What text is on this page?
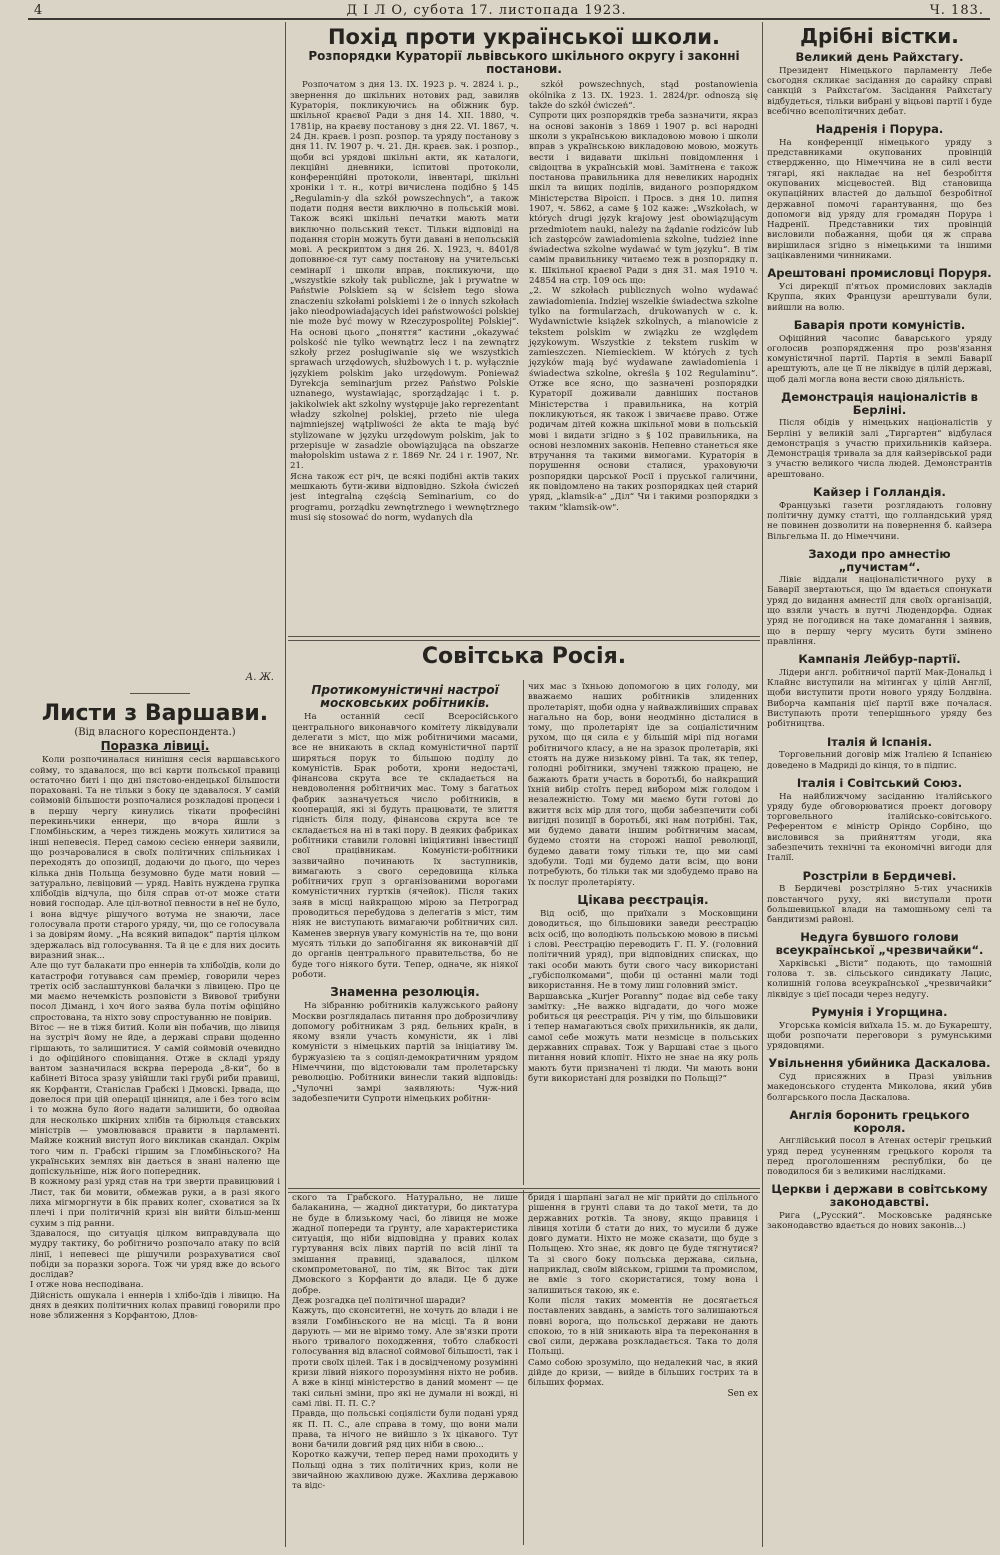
4	Д І Л О, субота 17. листопада 1923.	Ч. 183.
А. Ж.
Листи з Варшави.
(Від власного кореспондента.)
Поразка лівиці.

Коли розпочиналася нинішня сесія варшавського сойму, то здавалося, що всі карти польської правиці остаточно биті і що дні пястово-ендецької більшости пораховані. Та не тільки з боку це здавалося. У самій соймовій більшости розпочалися розкладові процеси і в першу чергу кинулись тікати професійні перекиньчики еннери, що вчора йшли з Гломбіньским, а через тиждень можуть хилитися за інші непевесія. Перед самою сесією еннери заявили, що розчаровалися в своїх політичних спільниках і переходять до опозиції, додаючи до цього, що через кілька днів Польща безумовно буде мати новий — затурально, лєвіцовий — уряд. Навіть нуждена групка хлібоїдів відчула, що біля справ от-от може стати новий господар. Але ціл-вотної певности в неї не було, і вона відчує рішучого вотума не знаючи, ласе голосувала проти старого уряду, чи, що се голосувала і за довірям йому. „На всякий випадок“ партія цілком здержалась від голосування. Та й це є для них досить виразний знак...
Але що тут балакати про еннерів та хлібоїдів, коли до катастрофи готувався сам премієр, говорили через третіх осіб заслаштункові балачки з лівицею. Про це ми маємо нечемкість розповісти з Вивової трибуни посол Діманд, і хоч його заява була потім офіційно спростована, та ніхто зову спростуванню не повірив.
Вітос — не в тіжя битий. Коли він побачив, що лівиця на зустріч йому не йде, а державі справи щоденно гіршають, то залишитися. У самій соймовій очевидно і до офіційного сповіщання. Отже в складі уряду вантом зазначилася вскрва перерода „8-ки“, бо в кабінеті Вітоса зразу увійшли такі грубі риби правиці, як Корфанти, Станіслав Грабскі і Дмовскі. Ірвада, що довелося при цій операції цінниця, але і без того всім і то можна було його надати залишити, бо одвойаа для несколько шкірних хлібів та бірюльця ставських міністрів — умовлювався правити в парламенті. Майже кожний виступ його викликав скандал. Окрім того чим п. Грабскі гіршим за Гломбіньского? На українських землях він дається в знані наленю ще допіскульніше, ніж його попередник.
В кожному разі уряд став на три зверти правицювий і Лист, так би мовити, обмежав руки, а в разі якого лиха мігморгнути в бік правих колег, сховатися за їх плечі і при політичній кризі він вийти більш-менш сухим з під ранни.
Здавалося, що ситуація цілком виправдувала що мудру тактику, бо робітничо розпочало атаку по всій лінії, і непевесі ще рішучили розрахуватися свої побіди за поразки зорога. Тож чи уряд вже до всього дослідав?
І отже нова несподівана.
Дійсність ошукала і еннерів і хлібо-їдів і лівицю. На днях в деяких політичних колах правиці говорили про нове зближення з Корфантою, Длов-

Похід проти української школи.
Розпорядки Кураторії львівського шкільного округу і законні постанови.

Розпочатом з дня 13. IX. 1923 р. ч. 2824 і. р., звернення до шкільних нотових рад, завиляв Кураторія, покликуючись на обіжник бур. шкільної краєвої Ради з дня 14. XII. 1880, ч. 1781ір, на краєву постанову з дня 22. VI. 1867, ч. 24 Дн. краєв. і розп. розпор. та уряду постанову з дня 11. IV. 1907 р. ч. 21. Дн. краєв. зак. і розпор., щоби всі урядові шкільні акти, як каталоги, лекційні дневники, іспитові протоколи, конференційні протоколи, інвентарі, шкільні хроніки і т. н., котрі вичислена подібно § 145 „Regulamin-y dla szkół powszechnych“, а також подати подня вести виключно в польській мові. Також всякі шкільні печатки мають мати виключно польський текст. Тільки відповіді на подання сторін можуть бути давані в непольській мові. А рескриптом з дня 26. X. 1923, ч. 8401/8 доповнює-ся тут саму постанову на учительські семінарії і школи вправ, покликуючи, що „wszystkie szkoły tak publiczne, jak i prywatne w Państwie Polskiem są w ścisłem tego słowa znaczeniu szkołami polskiemi i że o innych szkołach jako nieodpowiadających idei państwowości polskiej nie może być mowy w Rzeczypospolitej Polskiej“. На основі цього „поняття“ кастини „okazywać polskość nie tylko wewnątrz lecz i na zewnątrz szkoły przez posługiwanie się we wszystkich sprawach urzędowych, służbowych i t. p. wyłącznie językiem polskim jako urzędowym. Ponieważ Dyrekcja seminarjum przez Państwo Polskie uznanego, wystawiając, sporządzając i t. p. jakikolwiek akt szkolny występuje jako reprezentant władzy szkolnej polskiej, przeto nie ulega najmniejszej wątpliwości że akta te mają być stylizowane w języku urzędowym polskim, jak to przepisuje w zasadzie obowiązująca na obszarze małopolskim ustawa z r. 1869 Nr. 24 i r. 1907, Nr. 21.
Ясна також єст річ, це всякі подібні актів таких мешкають бути-живи відповідно. Szkoła ćwiczeń jest integralną częścią Seminarium, co do programu, porządku zewnętrznego i wewnętrznego musi się stosować do norm, wydanych dla

szkół powszechnych, stąd postanowienia okólnika z 13. IX. 1923. 1. 2824/pr. odnoszą się także do szkół ćwiczeń“.
Супроти цих розпорядків треба зазначити, якраз на основі законів з 1869 і 1907 р. всі народні школи з українською викладовою мовою і школи вправ з українською викладовою мовою, можуть вести і видавати шкільні повідомлення і свідоцтва в українській мові. Замітнена є також постанова правильника для невеликих народніх шкіл та вищих поділів, виданого розпорядком Міністерства Віроісп. і Просв. з дня 10. липня 1907, ч. 5862, а саме § 102 каже: „Wszkołach, w których drugi język krajowy jest obowiązującym przedmiotem nauki, należy na żądanie rodziców lub ich zastępców zawiadomienia szkolne, tudzież inne świadectwa szkolne wydawać w tym języku“. В тім самім правильнику читаємо теж в розпорядку п. к. Шкільної краєвої Ради з дня 31. мая 1910 ч. 24854 на стр. 109 ось що:
„2. W szkołach publicznych wolno wydawać zawiadomienia. Indziej wszelkie świadectwa szkolne tylko na formularzach, drukowanych w c. k. Wydawnictwie książek szkolnych, a mianowicie z tekstem polskim w związku ze względem językowym. Wszystkie z tekstem ruskim w zamieszczen. Niemieckiem. W których z tych języków mają być wydawane zawiadomienia i świadectwa szkolne, określa § 102 Regulaminu“. Отже все ясно, що зазначені розпорядки Кураторії доживали давніших постанов Міністерства і правильника, на котрій покликуються, як також і звичаєве право. Отже родичам дітей кожна шкільної мови в польській мові і видати згідно з § 102 правильника, на основі незломних законів. Непевно станеться яке втручання та такими вимогами. Кураторія в порушення основи сталися, ураховуючи розпорядки царської Росії і пруської галичини, як повідомлено на таких розпорядках цей старий уряд, „klamsik-а“ „Діл“ Чи і такими розпорядки з таким "klamsik-ow".

Совітська Росія.
Протикомуністичні настрої московських робітників.

На останній сесії Всеросійського центрального виконавчого комітету ліквідували делегати з міст, що між робітничими масами, все не вникають в склад комуністичної партії ширяться порук то більшою поділу до комуністів. Брак роботи, хрони недостачі, фінансова скрута все те складається на невдоволення робітничих мас. Тому з багатьох фабрик зазначується число робітників, в кооперацій, які зі будуть працювати, те злиття гідність біля поду, фінансова скрута все те складається на ні в такі пору. В деяких фабриках робітники ставили головні ініціятивні інвестиції свої працівникам. Комуністи-робітники зазвичайно починають їх заступників, вимагають з свого середовища кілька робітничих груп з організованими ворогами комуністичних гуртків (ячейок). Після таких заяв в місці найкращою мірою за Петроград проводиться перебудова з делегатів з міст, тим ніяк не виступають вимагаючи робітничих сил. Каменев звернув увагу комуністів на те, що вони мусять тільки до запобігання як виконавчій дії до органів центрального правительства, бо не буде того ніякого бути. Тепер, одначе, як ніякої роботи.

Знаменна резолюція.

На зібранню робітників калужського району Москви розглядалась питання про доброзичливу допомогу робітникам 3 ряд. бельних країн, в якому взяли участь комуністи, як і ліві комуністи з німецьких партій за ініціативу їм. буржуазією та з соціял-демократичним урядом Німеччини, що відстоювали там пролетарську революцію. Робітники винесли такий відповідь: „Чулочні замрі заявляють: Чуж-ний задобезпечити Супроти німецьких робітни-

чих мас з їхньою допомогою в цих голоду, ми вважаємо наших робітників злиденних пролетаріят, щоби одна у найважливіших справах нагально на бор, вони неодмінно дісталися в тому, що пролетаріят іде за соціалістичним рухом, що ця сила є у більшій мірі під ногами робітничого класу, а не на зразок пролетарів, які стоять на дуже низькому рівні. Та так, як тепер, голодні робітники, змучені тяжкою працею, не бажають брати участь в боротьбі, бо найкращий їхній вибір стоїть перед вибором між голодом і незалежністю. Тому ми маємо бути готові до вжиття всіх мір для того, щоби забезпечити собі вигідні позиції в боротьбі, які нам потрібні. Так, ми будемо давати іншим робітничим масам, будемо стояти на сторожі нашої революції, будемо давати тому тільки те, що ми самі здобули. Тоді ми будемо дати всім, що вони потребують, бо тільки так ми здобудемо право на їх послуг пролетаріяту.

Цікава реєстрація.

Від осіб, що приїхали з Московщини доводиться, що більшовики заведи реєстрацію всіх осіб, що володіють польською мовою в письмі і слові. Реєстрацію переводить Г. П. У. (головний політичний уряд), при відповідних списках, що такі особи мають бути свого часу використані „губісполкомами“, щоби ці останні мали тоді використання. Не в тому лиш головний зміст.
Варшавська „Kurjer Poranny“ подає від себе таку замітку: „Не важко відгадати, до чого може робиться ця реєстрація. Річ у тім, що більшовики і тепер намагаються своїх прихильників, як дали, самої себе можуть мати незмісце в польських державних справах. Тож у Варшаві стає з цього питання новий клопіт. Ніхто не знає на яку роль мають бути призначені ті люди. Чи мають вони бути використані для розвідки по Польщі?“

ского та Грабского. Натурально, не лише балаканина, — жадної диктатури, бо диктатура не буде в близькому часі, бо лівиця не може жадної попереди та ґрунту, але характеристика ситуація, що ніби відповідна у правих колах гуртування всіх лівих партій по всій лінії та змішання правиці, здавалося, цілком скомпрометованої, по тім, як Вітос так діти Дмовского з Корфанти до влади. Це б дуже добре.
Деж розгадка цеї політичної шаради?
Кажуть, що сконситетні, не хочуть до влади і не взяли Гомбіньского не на місці. Та й вони дарують — ми не віримо тому. Але зв'язки проти нього тривалого походження, тобто слабкості голосування від власної соймової більшості, так і проти своїх цілей. Так і в досвідченому розумінні кризи лівий ніякого порозуміння ніхто не робив. А вже в кінці міністерство в даний момент — це такі сильні зміни, про які не думали ні вожді, ні самі ліві. П. П. С.?
Правда, що польські соціялісти були подані уряд як П. П. С., але справа в тому, що вони мали права, та нічого не вийшло з їх цікавого. Тут вони бачили довгий ряд цих ніби в свою...
Коротко кажучи, тепер перед нами проходить у Польщі одна з тих політичних криз, коли не звичайною жахливою дуже. Жахлива державою та відс-

бридя і шарпані загал не міг прийти до спільного рішення в грунті слави та до такої мети, та до державних ротків. Та знову, якщо правиця і лівиця хотіли б стати до них, то мусили б дуже довго думати. Ніхто не може сказати, що буде з Польщею. Хто знає, як довго це буде тягнутися? Та зі свого боку польська держава, сильна, наприклад, своїм військом, грішми та промислом, не вміє з того скористатися, тому вона і залишиться такою, як є.
Коли після таких моментів не досягається поставлених завдань, а замість того залишаються повні ворога, що польської держави не дають спокою, то в ній зникають віра та переконання в свої сили, держава розкладається. Така то доля Польщі.
Само собою зрозуміло, що недалекий час, в який дійде до кризи, — вийде в більших гострих та в більших формах.

Sen ex
Дрібні вістки.
Великий день Райхстагу.

Президент Німецького парламенту Лебе сьогодня скликає засідання до сарайку справі санкцій з Райхстаґом. Засідання Райхстаґу відбудеться, тільки вибрані у віцьові партії і буде всебічно всеполітичних дебат.

Надренія і Порура.

На конференції німецького уряду з представниками окупованих провінцій ствердженно, що Німеччина не в силі вести тягарі, які накладає на неї безробіття окупованих місцевостей. Від становища окупаційних властей до дальшої безробітної державної помочі гарантування, що без допомоги від уряду для громадян Порура і Надренії. Представники тих провінцій висловили побажання, щоби ця ж справа вирішилася згідно з німецькими та іншими зацікавленими чинниками.

Арештовані промисловці Поруря.

Усі дирекції п'ятьох промислових закладів Круппа, яких Французи арештували були, вийшли на волю.

Баварія проти комуністів.

Офіційний часопис баварського уряду оголосив розпорядження про розв'язання комуністичної партії. Партія в землі Баварії арештують, але це її не ліквідує в цілій державі, щоб далі могла вона вести свою діяльність.

Демонстрація націоналістів в Берліні.

Після обідів у німецьких націоналістів у Берліні у великій залі „Тиргартен“ відбулася демонстрація з участю прихильників кайзера. Демонстрація тривала за для кайзерівської ради з участю великого числа людей. Демонстрантів арештовано.

Кайзер і Голландія.

Французькі газети розглядають головну політичну думку статті, що голландський уряд не повинен дозволити на повернення б. кайзера Вільгельма II. до Німеччини.

Заходи про амнестію „пучистам“.

Лівіє віддали націоналістичного руху в Баварії звертаються, що їм вдається спонукати уряд до видання амнестії для своїх організацій, що взяли участь в путчі Людендорфа. Однак уряд не погодився на таке домагання і заявив, що в першу чергу мусить бути змінено правління.

Кампанія Лейбур-партії.

Лідери англ. робітничої партії Мак-Дональд і Клайнс виступили на мітингах у цілій Англії, щоби виступити проти нового уряду Болдвіна. Виборча кампанія цієї партії вже почалася. Виступають проти теперішнього уряду без робітництва.

Італія й Іспанія.

Торговельний договір між Італією й Іспанією доведено в Мадриді до кінця, то в підпис.

Італія і Совітський Союз.

На найближчому засіданню італійського уряду буде обговорюватися проект договору торговельного італійсько-совітського. Референтом є міністр Оріндо Сорбіно, що висловився за прийняттям угоди, яка забезпечить технічні та економічні вигоди для Італії.

Розстріли в Бердичеві.

В Бердичеві розстріляно 5-тих учасників повстанчого руху, які виступали проти большевицької влади на тамошньому селі та бандитизмі районі.

Недуга бувшого голови всеукраїнської „чрезвичайки“.

Харківські „Вісти“ подають, що тамошній голова т. зв. сільського синдикату Лацис, колишній голова всеукраїнської „чрезвичайки“ ліквідує з цієї посади через недугу.

Румунія і Угорщина.

Угорська комісія виїхала 15. м. до Букарешту, щоби розпочати переговори з румунськими урядовцями.

Увільнення убийника Даскалова.

Суд присяжних в Празі увільнив македонського студента Миколова, який убив болгарського посла Даскалова.

Англія боронить грецького короля.

Англійський посол в Атенах остеріг грецький уряд перед усуненням грецького короля та перед проголошенням республіки, бо це поводилося би з великими наслідками.

Церкви і держави в совітському законодавстві.

Рига („Русский“. Московське радянське законодавство вдається до нових законів...)
